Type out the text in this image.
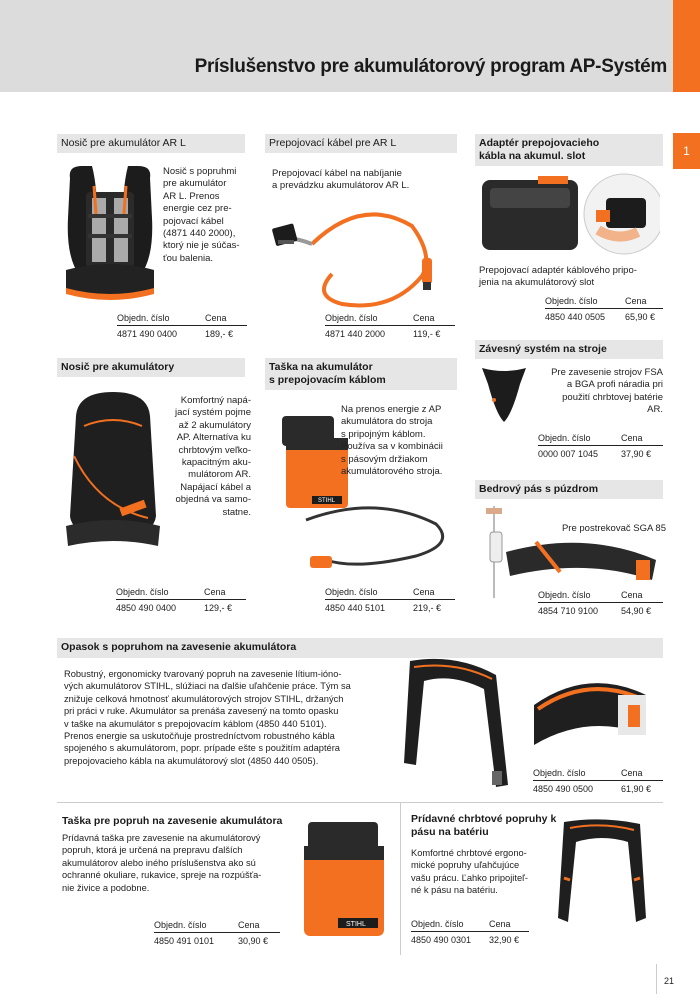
Príslušenstvo pre akumulátorový program AP-Systém
1
Nosič pre akumulátor AR L
Nosič s popruhmi
pre akumulátor
AR L. Prenos
energie cez pre-
pojovací kábel
(4871 440 2000),
ktorý nie je súčas-
ťou balenia.
Objedn. číslo	Cena
4871 490 0400	189,- €
Prepojovací kábel pre AR L
Prepojovací kábel na nabíjanie
a prevádzku akumulátorov AR L.
Objedn. číslo	Cena
4871 440 2000	119,- €
Adaptér prepojovacieho
kábla na akumul. slot
Prepojovací adaptér káblového pripo-
jenia na akumulátorový slot
Objedn. číslo	Cena
4850 440 0505	65,90 €
Nosič pre akumulátory
Komfortný napá-
jací systém pojme
až 2 akumulátory
AP. Alternatíva ku
chrbtovým veľko-
kapacitným aku-
mulátorom AR.
Napájací kábel a
objedná va samo-
statne.
Objedn. číslo	Cena
4850 490 0400	129,- €
Taška na akumulátor
s prepojovacím káblom
STIHL
Na prenos energie z AP
akumulátora do stroja
s pripojným káblom.
Používa sa v kombinácii
s pásovým držiakom
akumulátorového stroja.
Objedn. číslo	Cena
4850 440 5101	219,- €
Závesný systém na stroje
Pre zavesenie strojov FSA
a BGA profi náradia pri
použití chrbtovej batérie
AR.
Objedn. číslo	Cena
0000 007 1045	37,90 €
Bedrový pás s púzdrom
Pre postrekovač SGA 85
Objedn. číslo	Cena
4854 710 9100	54,90 €
Opasok s popruhom na zavesenie akumulátora
Robustný, ergonomicky tvarovaný popruh na zavesenie lítium-iónо-
vých akumulátorov STIHL, slúžiaci na ďalšie uľahčenie práce. Tým sa
znižuje celková hmotnosť akumulátorových strojov STIHL, držaných
pri práci v ruke. Akumulátor sa prenáša zavesený na tomto opasku
v taške na akumulátor s prepojovacím káblom (4850 440 5101).
Prenos energie sa uskutočňuje prostredníctvom robustného kábla
spojeného s akumulátorom, popr. prípade ešte s použitím adaptéra
prepojovacieho kábla na akumulátorový slot (4850 440 0505).
Objedn. číslo	Cena
4850 490 0500	61,90 €
Taška pre popruh na zavesenie akumulátora
Prídavná taška pre zavesenie na akumulátorový
popruh, ktorá je určená na prepravu ďalších
akumulátorov alebo iného príslušenstva ako sú
ochranné okuliare, rukavice, spreje na rozpúšťa-
nie živice a podobne.
STIHL
Objedn. číslo	Cena
4850 491 0101	30,90 €
Prídavné chrbtové popruhy k
pásu na batériu
Komfortné chrbtové ergono-
mické popruhy uľahčujúce
vašu prácu. Ľahko pripojiteľ-
né k pásu na batériu.
Objedn. číslo	Cena
4850 490 0301	32,90 €
21
